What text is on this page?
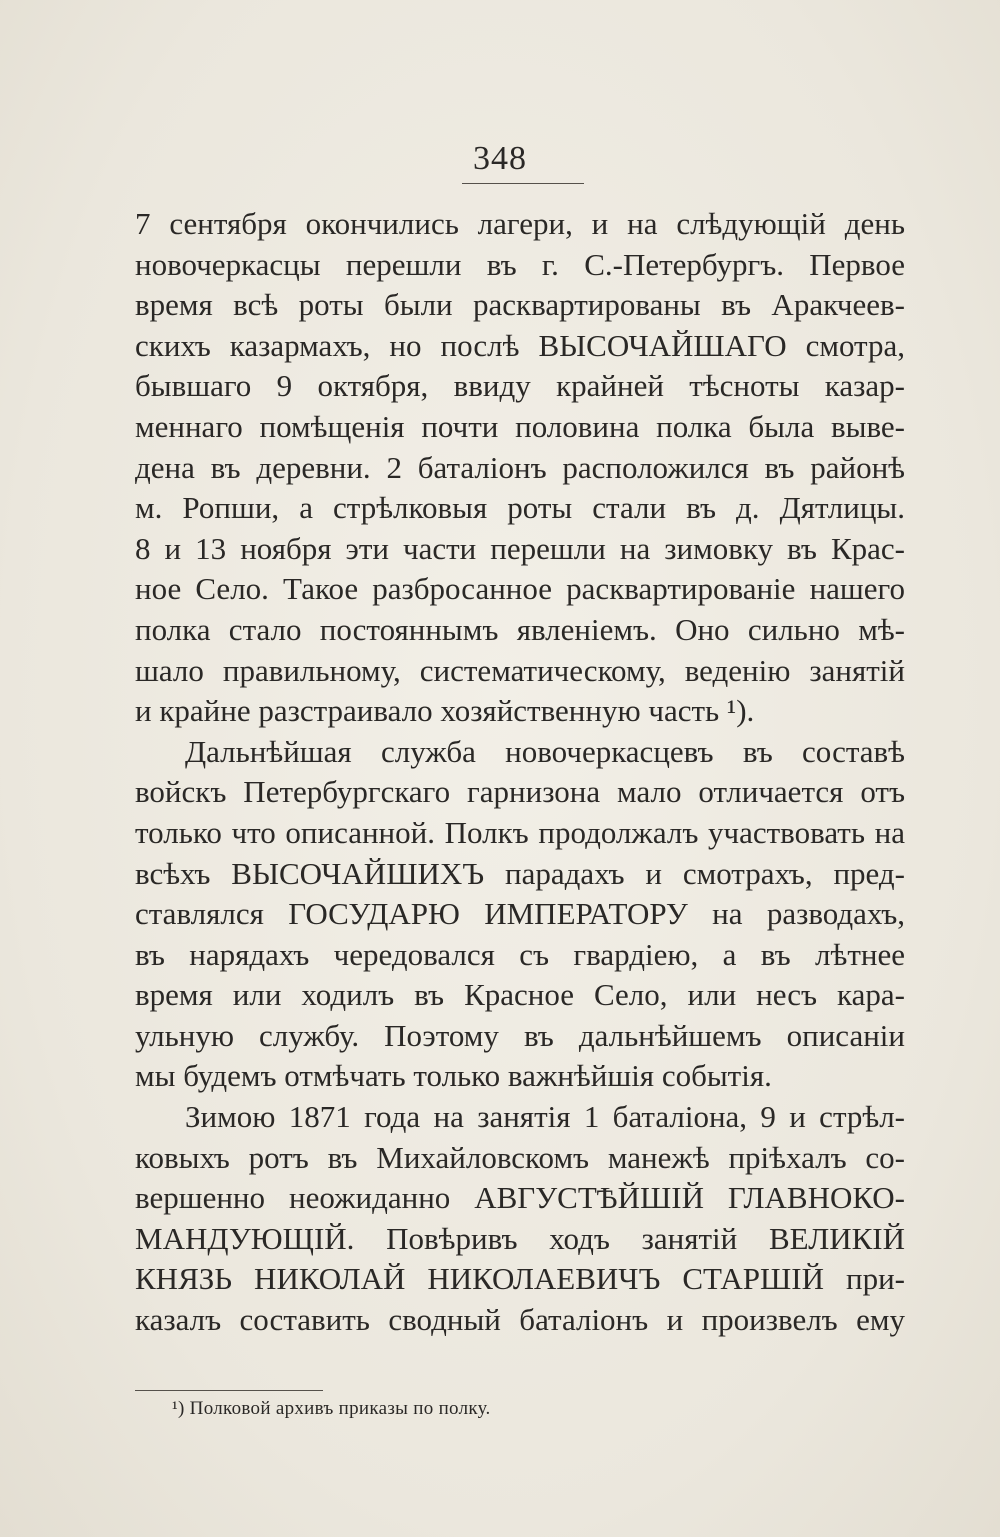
348
7 сентября окончились лагери, и на слѣдующій день
новочеркасцы перешли въ г. С.-Петербургъ. Первое
время всѣ роты были расквартированы въ Аракчеев-
скихъ казармахъ, но послѣ ВЫСОЧАЙШАГО смотра,
бывшаго 9 октября, ввиду крайней тѣсноты казар-
меннаго помѣщенія почти половина полка была выве-
дена въ деревни. 2 баталіонъ расположился въ районѣ
м. Ропши, а стрѣлковыя роты стали въ д. Дятлицы.
8 и 13 ноября эти части перешли на зимовку въ Крас-
ное Село. Такое разбросанное расквартированіе нашего
полка стало постояннымъ явленіемъ. Оно сильно мѣ-
шало правильному, систематическому, веденію занятій
и крайне разстраивало хозяйственную часть ¹).
Дальнѣйшая служба новочеркасцевъ въ составѣ
войскъ Петербургскаго гарнизона мало отличается отъ
только что описанной. Полкъ продолжалъ участвовать на
всѣхъ ВЫСОЧАЙШИХЪ парадахъ и смотрахъ, пред-
ставлялся ГОСУДАРЮ ИМПЕРАТОРУ на разводахъ,
въ нарядахъ чередовался съ гвардіею, а въ лѣтнее
время или ходилъ въ Красное Село, или несъ кара-
ульную службу. Поэтому въ дальнѣйшемъ описаніи
мы будемъ отмѣчать только важнѣйшія событія.
Зимою 1871 года на занятія 1 баталіона, 9 и стрѣл-
ковыхъ ротъ въ Михайловскомъ манежѣ пріѣхалъ со-
вершенно неожиданно АВГУСТѢЙШІЙ ГЛАВНОКО-
МАНДУЮЩІЙ. Повѣривъ ходъ занятій ВЕЛИКІЙ
КНЯЗЬ НИКОЛАЙ НИКОЛАЕВИЧЪ СТАРШІЙ при-
казалъ составить сводный баталіонъ и произвелъ ему
¹) Полковой архивъ приказы по полку.
